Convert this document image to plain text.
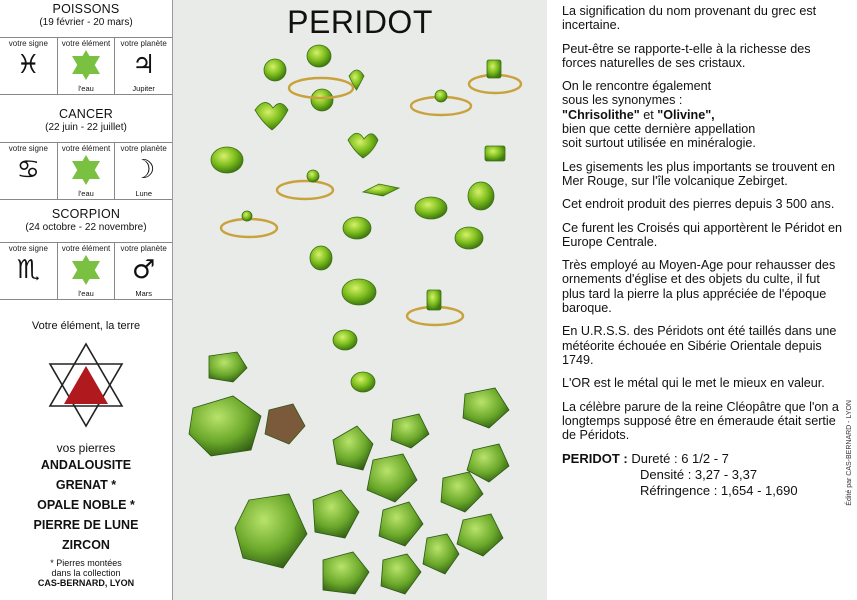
POISSONS
(19 février - 20 mars)
votre signe
♓
votre élément
l'eau
votre planète
♃
Jupiter
CANCER
(22 juin - 22 juillet)
votre signe
♋
votre élément
l'eau
votre planète
☽
Lune
SCORPION
(24 octobre - 22 novembre)
votre signe
♏
votre élément
l'eau
votre planète
♂
Mars
Votre élément, la terre
vos pierres
ANDALOUSITE
GRENAT *
OPALE NOBLE *
PIERRE DE LUNE
ZIRCON
* Pierres montées
dans la collection
CAS-BERNARD, LYON
PERIDOT	La signification du nom provenant du grec est incertaine.

Peut-être se rapporte-t-elle à la richesse des forces naturelles de ses cristaux.

On le rencontre également
sous les synonymes :
"Chrisolithe" et "Olivine",
bien que cette dernière appellation
soit surtout utilisée en minéralogie.

Les gisements les plus importants se trouvent en Mer Rouge, sur l'île volcanique Zebirget.

Cet endroit produit des pierres depuis 3 500 ans.

Ce furent les Croisés qui apportèrent le Péridot en Europe Centrale.

Très employé au Moyen-Age pour rehausser des ornements d'église et des objets du culte, il fut plus tard la pierre la plus appréciée de l'époque baroque.

En U.R.S.S. des Péridots ont été taillés dans une météorite échouée en Sibérie Orientale depuis 1749.

L'OR est le métal qui le met le mieux en valeur.

La célèbre parure de la reine Cléopâtre que l'on a longtemps supposé être en émeraude était sertie de Péridots.

PERIDOT : Dureté : 6 1/2 - 7
Densité : 3,27 - 3,37
Réfringence : 1,654 - 1,690	Édité par CAS-BERNARD - LYON
